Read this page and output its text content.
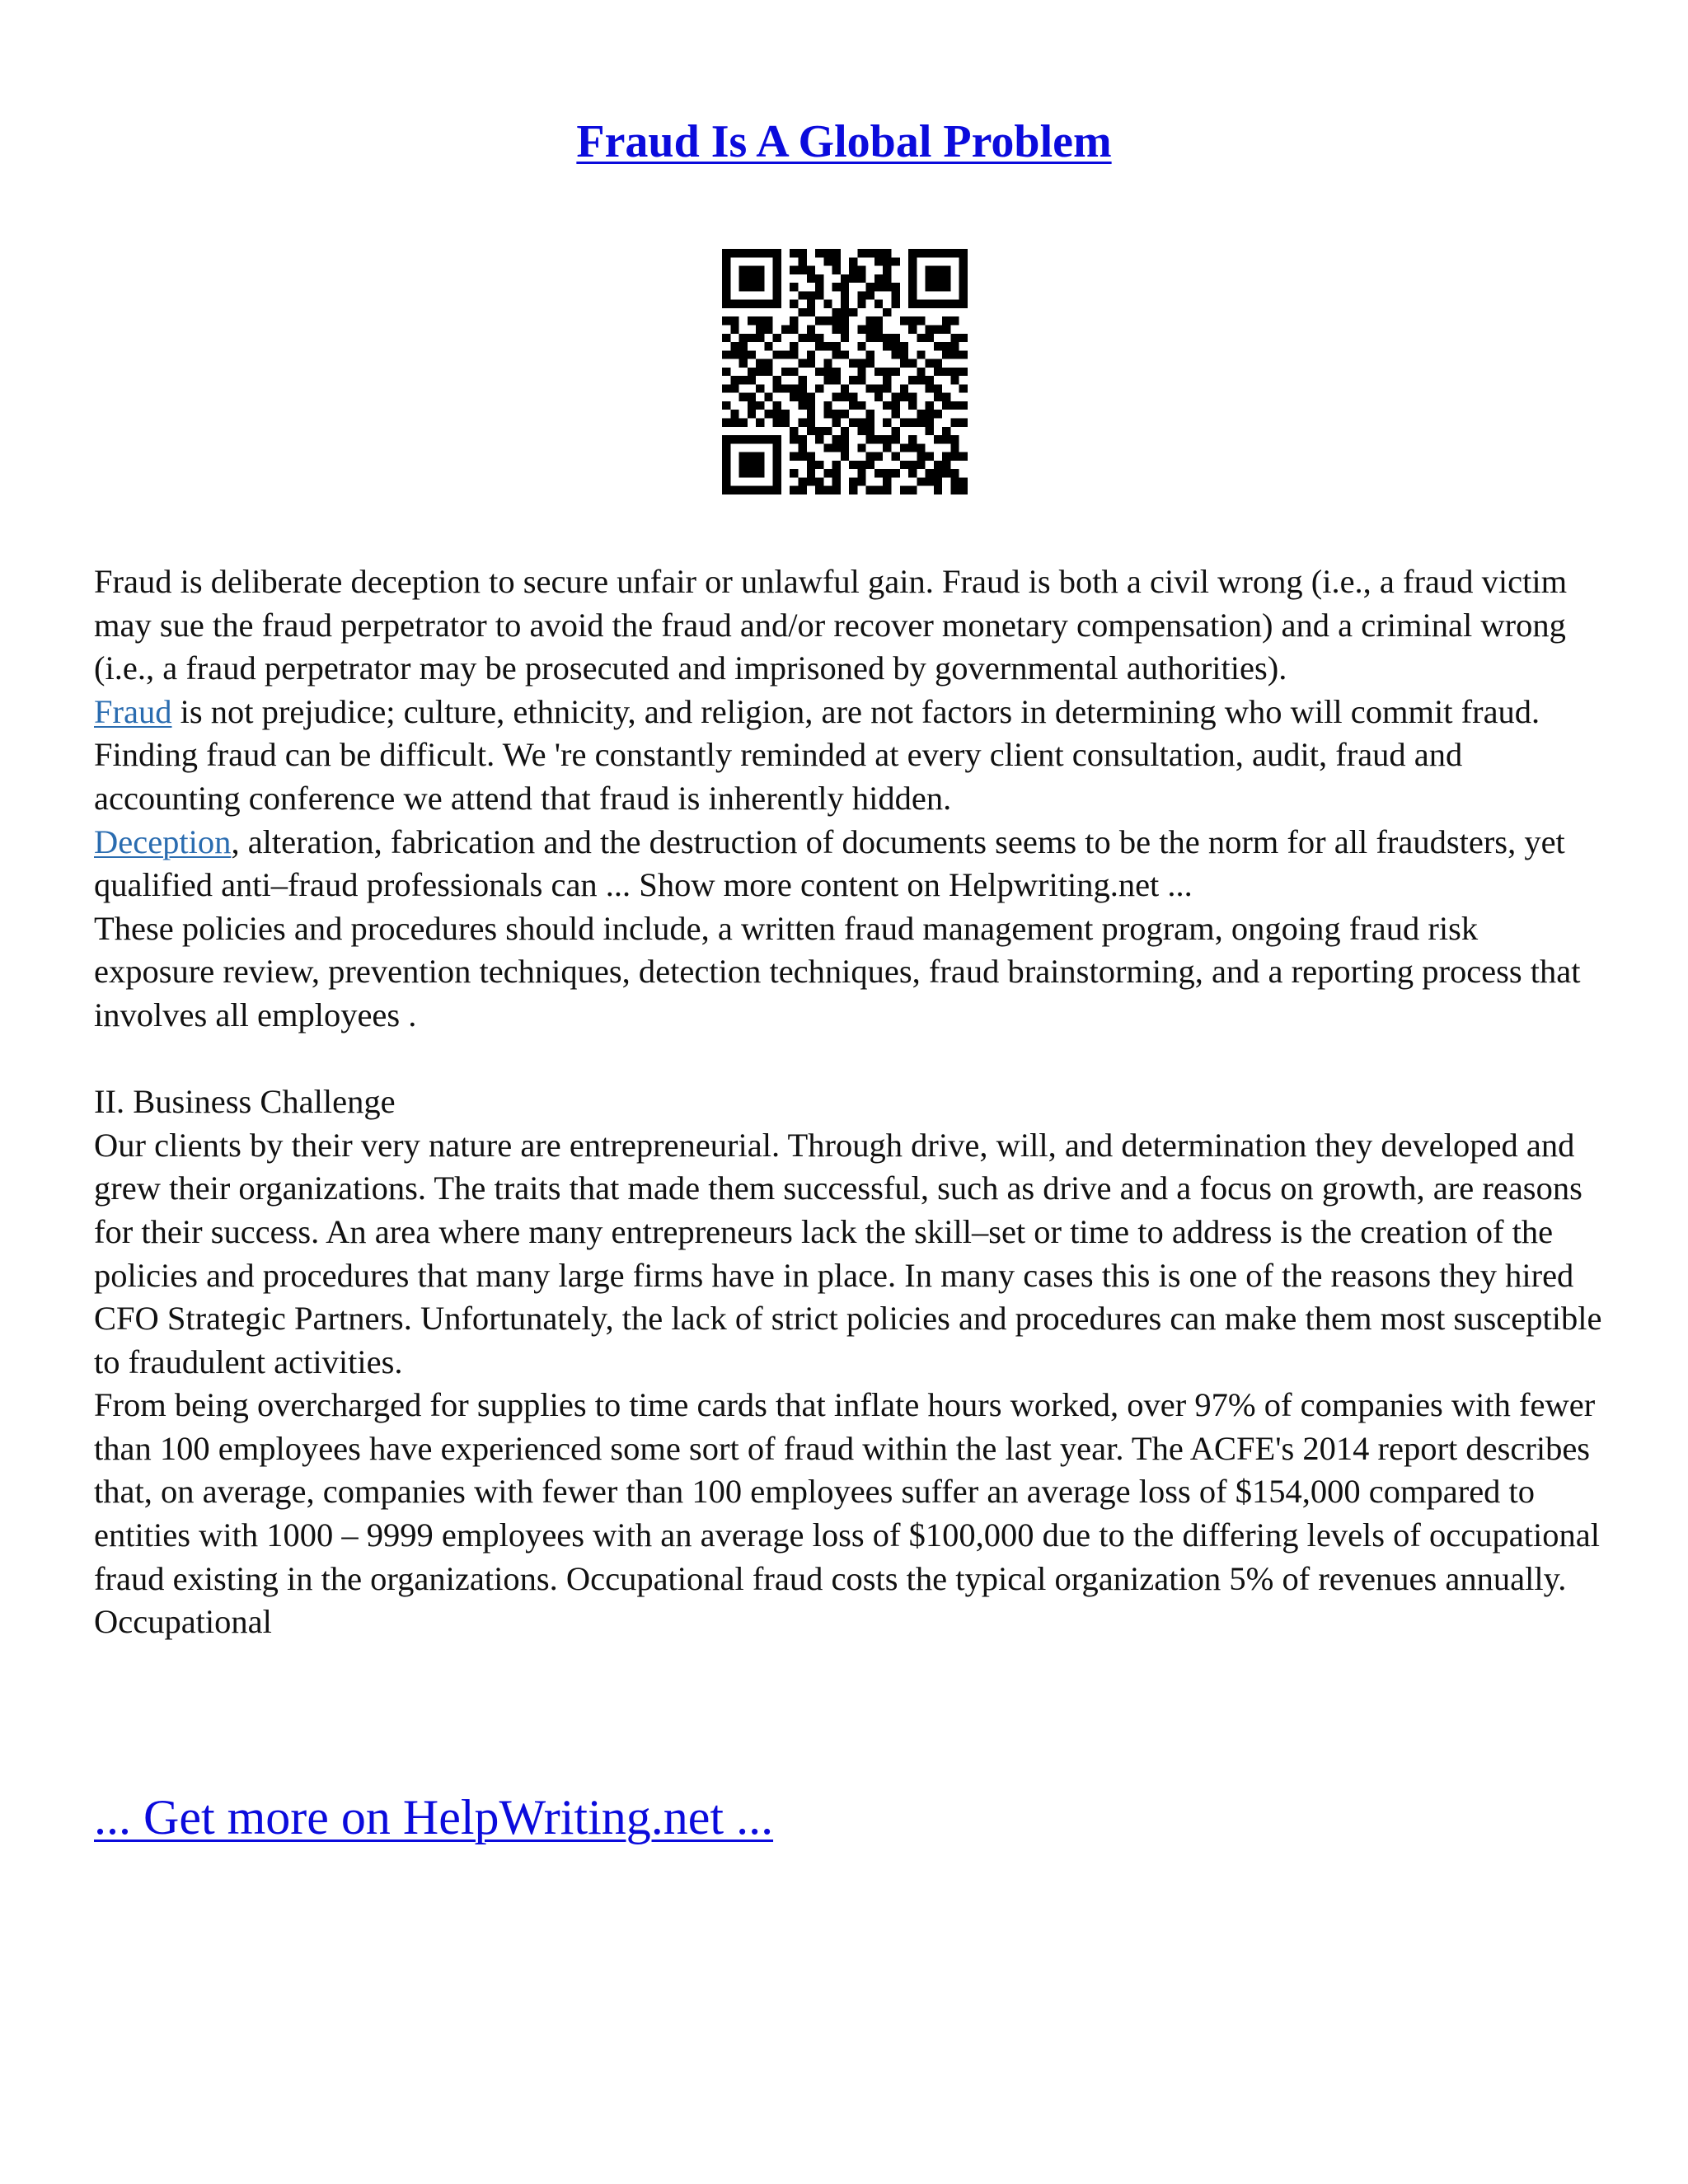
Fraud Is A Global Problem

Fraud is deliberate deception to secure unfair or unlawful gain. Fraud is both a civil wrong (i.e., a fraud victim may sue the fraud perpetrator to avoid the fraud and/or recover monetary compensation) and a criminal wrong (i.e., a fraud perpetrator may be prosecuted and imprisoned by governmental authorities).

Fraud is not prejudice; culture, ethnicity, and religion, are not factors in determining who will commit fraud. Finding fraud can be difficult. We 're constantly reminded at every client consultation, audit, fraud and accounting conference we attend that fraud is inherently hidden.

Deception, alteration, fabrication and the destruction of documents seems to be the norm for all fraudsters, yet qualified anti–fraud professionals can ... Show more content on Helpwriting.net ...

These policies and procedures should include, a written fraud management program, ongoing fraud risk exposure review, prevention techniques, detection techniques, fraud brainstorming, and a reporting process that involves all employees .

II. Business Challenge

Our clients by their very nature are entrepreneurial. Through drive, will, and determination they developed and grew their organizations. The traits that made them successful, such as drive and a focus on growth, are reasons for their success. An area where many entrepreneurs lack the skill–set or time to address is the creation of the policies and procedures that many large firms have in place. In many cases this is one of the reasons they hired CFO Strategic Partners. Unfortunately, the lack of strict policies and procedures can make them most susceptible to fraudulent activities.

From being overcharged for supplies to time cards that inflate hours worked, over 97% of companies with fewer than 100 employees have experienced some sort of fraud within the last year. The ACFE's 2014 report describes that, on average, companies with fewer than 100 employees suffer an average loss of $154,000 compared to entities with 1000 – 9999 employees with an average loss of $100,000 due to the differing levels of occupational fraud existing in the organizations. Occupational fraud costs the typical organization 5% of revenues annually. Occupational

... Get more on HelpWriting.net ...
